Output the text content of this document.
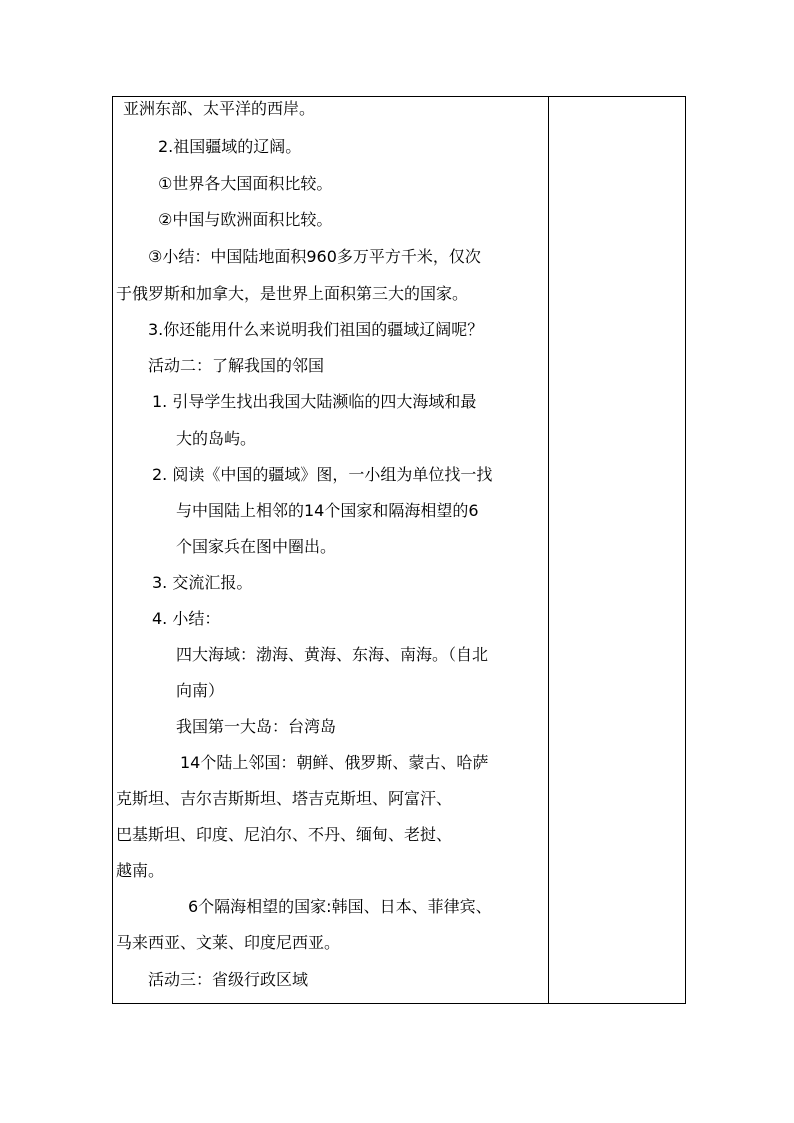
亚洲东部、太平洋的西岸。
2.祖国疆域的辽阔。
①世界各大国面积比较。
②中国与欧洲面积比较。
③小结：中国陆地面积960多万平方千米，仅次
于俄罗斯和加拿大，是世界上面积第三大的国家。
3.你还能用什么来说明我们祖国的疆域辽阔呢？
活动二：了解我国的邻国
1. 引导学生找出我国大陆濒临的四大海域和最
大的岛屿。
2. 阅读《中国的疆域》图，一小组为单位找一找
与中国陆上相邻的14个国家和隔海相望的6
个国家兵在图中圈出。
3. 交流汇报。
4. 小结：
四大海域：渤海、黄海、东海、南海。（自北
向南）
我国第一大岛：台湾岛
14个陆上邻国：朝鲜、俄罗斯、蒙古、哈萨
克斯坦、吉尔吉斯斯坦、塔吉克斯坦、阿富汗、
巴基斯坦、印度、尼泊尔、不丹、缅甸、老挝、
越南。
6个隔海相望的国家:韩国、日本、菲律宾、
马来西亚、文莱、印度尼西亚。
活动三：省级行政区域
